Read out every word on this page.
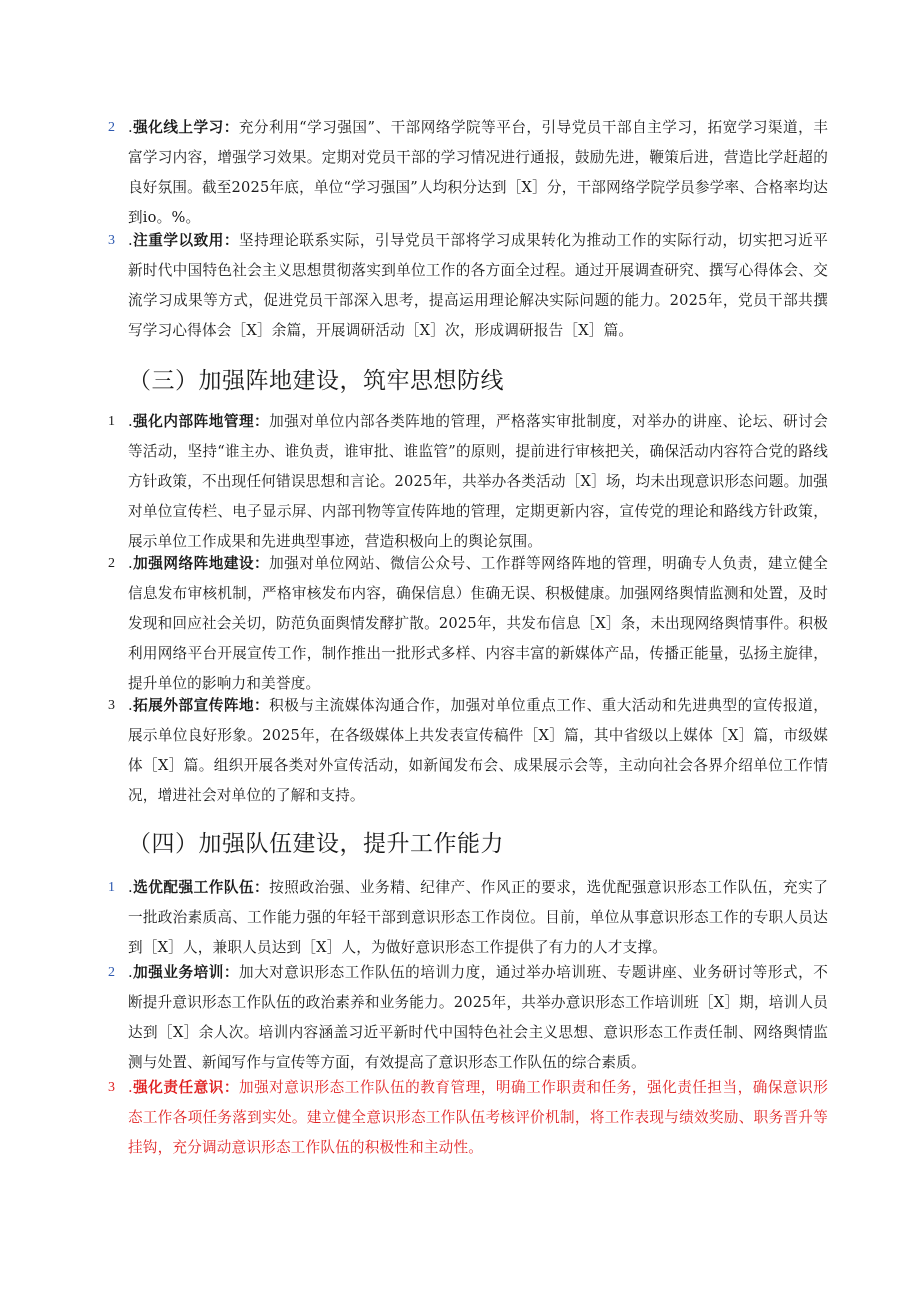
2 .强化线上学习：充分利用“学习强国”、干部网络学院等平台，引导党员干部自主学习，拓宽学习渠道，丰富学习内容，增强学习效果。定期对党员干部的学习情况进行通报，鼓励先进，鞭策后进，营造比学赶超的良好氛围。截至2025年底，单位“学习强国”人均积分达到［X］分，干部网络学院学员参学率、合格率均达到io。%。
3 .注重学以致用：坚持理论联系实际，引导党员干部将学习成果转化为推动工作的实际行动，切实把习近平新时代中国特色社会主义思想贯彻落实到单位工作的各方面全过程。通过开展调查研究、撰写心得体会、交流学习成果等方式，促进党员干部深入思考，提高运用理论解决实际问题的能力。2025年，党员干部共撰写学习心得体会［X］余篇，开展调研活动［X］次，形成调研报告［X］篇。
（三）加强阵地建设，筑牢思想防线
1 .强化内部阵地管理：加强对单位内部各类阵地的管理，严格落实审批制度，对举办的讲座、论坛、研讨会等活动，坚持“谁主办、谁负责，谁审批、谁监管”的原则，提前进行审核把关，确保活动内容符合党的路线方针政策，不出现任何错误思想和言论。2025年，共举办各类活动［X］场，均未出现意识形态问题。加强对单位宣传栏、电子显示屏、内部刊物等宣传阵地的管理，定期更新内容，宣传党的理论和路线方针政策，展示单位工作成果和先进典型事迹，营造积极向上的舆论氛围。
2 .加强网络阵地建设：加强对单位网站、微信公众号、工作群等网络阵地的管理，明确专人负责，建立健全信息发布审核机制，严格审核发布内容，确保信息）隹确无误、积极健康。加强网络舆情监测和处置，及时发现和回应社会关切，防范负面舆情发酵扩散。2025年，共发布信息［X］条，未出现网络舆情事件。积极利用网络平台开展宣传工作，制作推出一批形式多样、内容丰富的新媒体产品，传播正能量，弘扬主旋律，提升单位的影响力和美誉度。
3 .拓展外部宣传阵地：积极与主流媒体沟通合作，加强对单位重点工作、重大活动和先进典型的宣传报道，展示单位良好形象。2025年，在各级媒体上共发表宣传稿件［X］篇，其中省级以上媒体［X］篇，市级媒体［X］篇。组织开展各类对外宣传活动，如新闻发布会、成果展示会等，主动向社会各界介绍单位工作情况，增进社会对单位的了解和支持。
（四）加强队伍建设，提升工作能力
1 .选优配强工作队伍：按照政治强、业务精、纪律产、作风正的要求，选优配强意识形态工作队伍，充实了一批政治素质高、工作能力强的年轻干部到意识形态工作岗位。目前，单位从事意识形态工作的专职人员达到［X］人，兼职人员达到［X］人，为做好意识形态工作提供了有力的人才支撑。
2 .加强业务培训：加大对意识形态工作队伍的培训力度，通过举办培训班、专题讲座、业务研讨等形式，不断提升意识形态工作队伍的政治素养和业务能力。2025年，共举办意识形态工作培训班［X］期，培训人员达到［X］余人次。培训内容涵盖习近平新时代中国特色社会主义思想、意识形态工作责任制、网络舆情监测与处置、新闻写作与宣传等方面，有效提高了意识形态工作队伍的综合素质。
3 .强化责任意识：加强对意识形态工作队伍的教育管理，明确工作职责和任务，强化责任担当，确保意识形态工作各项任务落到实处。建立健全意识形态工作队伍考核评价机制，将工作表现与绩效奖励、职务晋升等挂钩，充分调动意识形态工作队伍的积极性和主动性。
